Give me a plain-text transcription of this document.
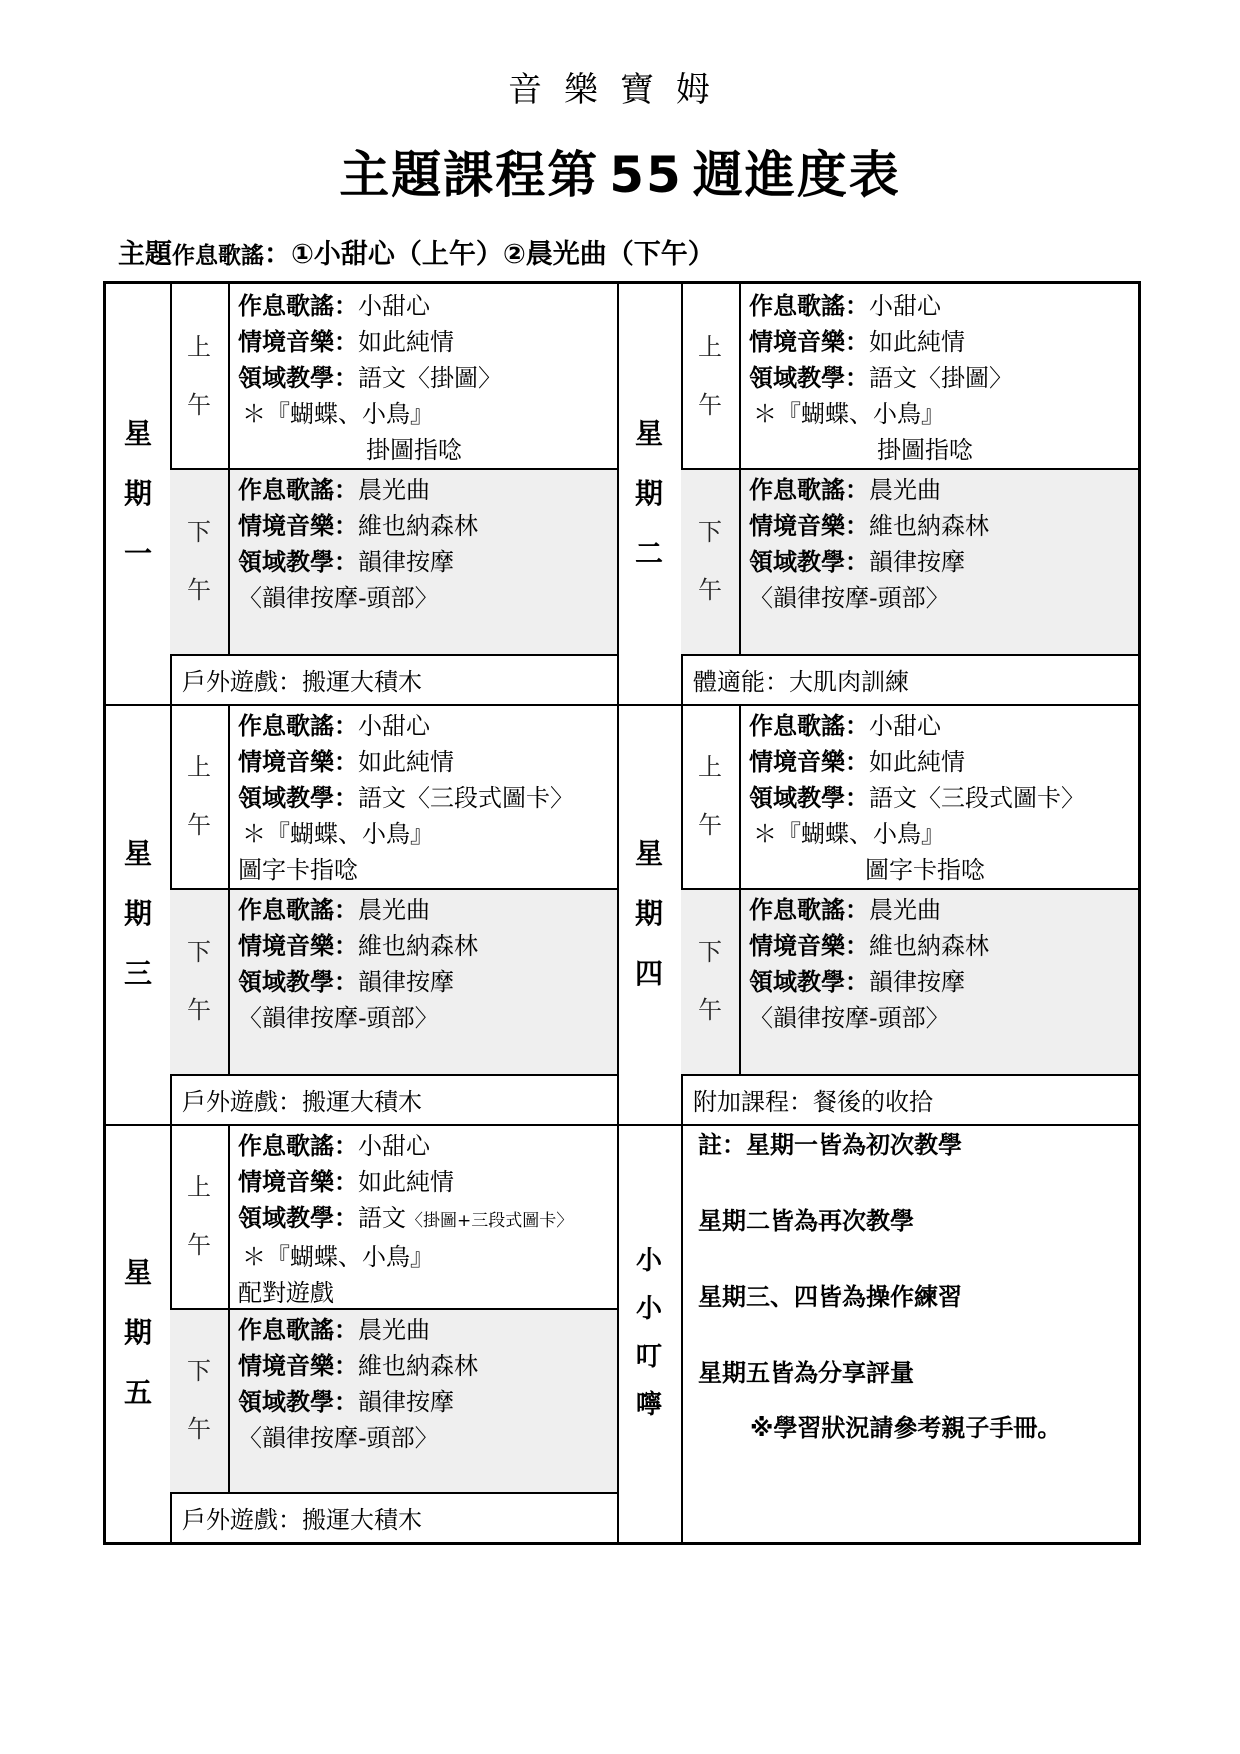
音樂寶姆
主題課程第 55 週進度表
主題作息歌謠：①小甜心（上午）②晨光曲（下午）
星
期
一
上
午
作息歌謠：小甜心
情境音樂：如此純情
領域教學：語文〈掛圖〉
＊『蝴蝶、小鳥』
掛圖指唸
下
午
作息歌謠：晨光曲
情境音樂：維也納森林
領域教學：韻律按摩
〈韻律按摩-頭部〉
戶外遊戲：搬運大積木
星
期
二
上
午
作息歌謠：小甜心
情境音樂：如此純情
領域教學：語文〈掛圖〉
＊『蝴蝶、小鳥』
掛圖指唸
下
午
作息歌謠：晨光曲
情境音樂：維也納森林
領域教學：韻律按摩
〈韻律按摩-頭部〉
體適能：大肌肉訓練
星
期
三
上
午
作息歌謠：小甜心
情境音樂：如此純情
領域教學：語文〈三段式圖卡〉
＊『蝴蝶、小鳥』
圖字卡指唸
下
午
作息歌謠：晨光曲
情境音樂：維也納森林
領域教學：韻律按摩
〈韻律按摩-頭部〉
戶外遊戲：搬運大積木
星
期
四
上
午
作息歌謠：小甜心
情境音樂：如此純情
領域教學：語文〈三段式圖卡〉
＊『蝴蝶、小鳥』
圖字卡指唸
下
午
作息歌謠：晨光曲
情境音樂：維也納森林
領域教學：韻律按摩
〈韻律按摩-頭部〉
附加課程：餐後的收拾
星
期
五
上
午
作息歌謠：小甜心
情境音樂：如此純情
領域教學：語文〈掛圖+三段式圖卡〉
＊『蝴蝶、小鳥』
配對遊戲
下
午
作息歌謠：晨光曲
情境音樂：維也納森林
領域教學：韻律按摩
〈韻律按摩-頭部〉
戶外遊戲：搬運大積木
小
小
叮
嚀
註：星期一皆為初次教學
星期二皆為再次教學
星期三、四皆為操作練習
星期五皆為分享評量
※學習狀況請參考親子手冊。
